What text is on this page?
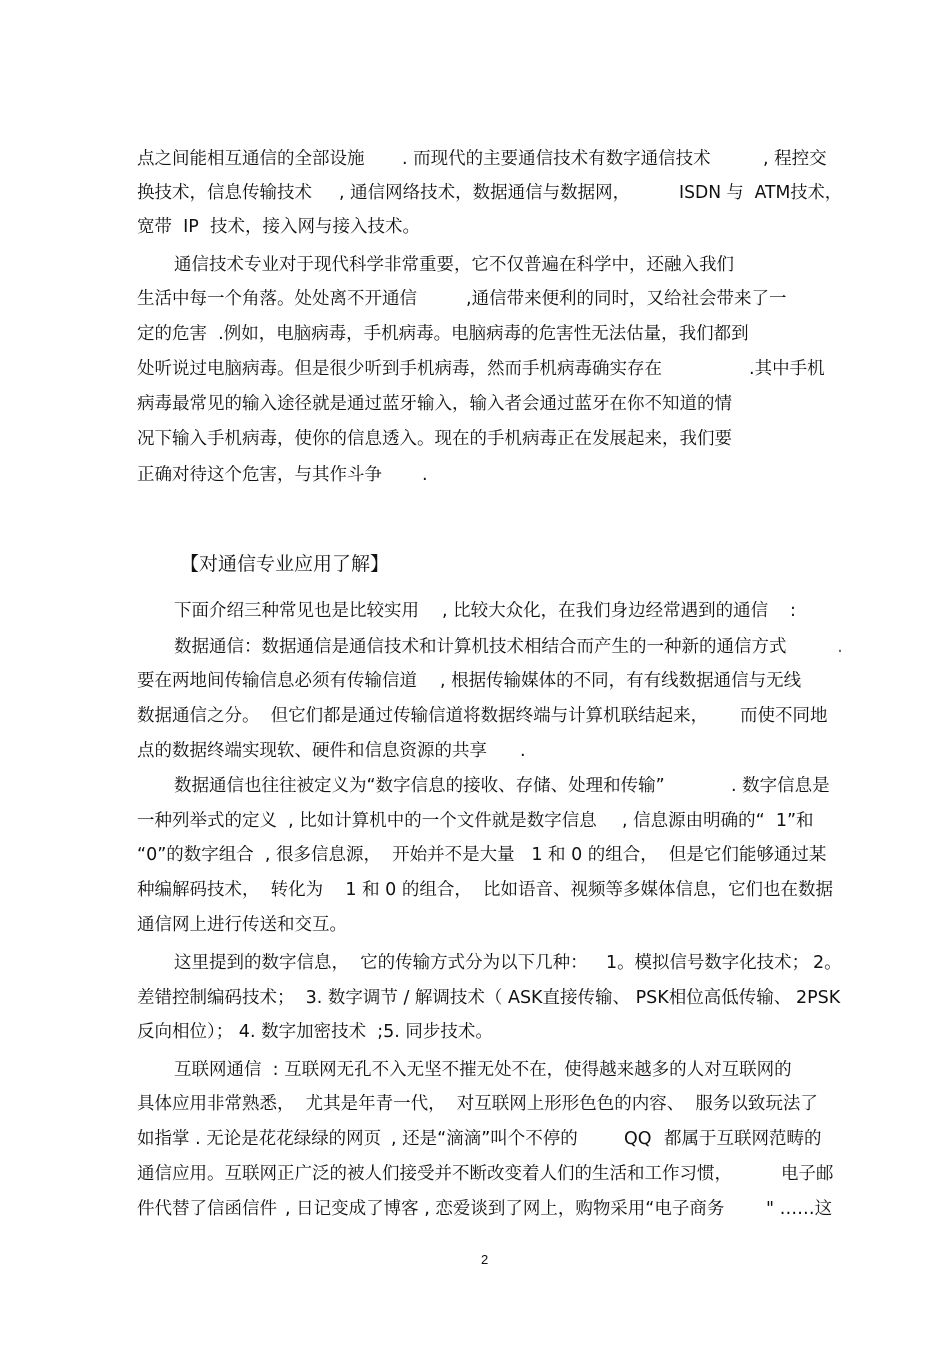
点之间能相互通信的全部设施 . 而现代的主要通信技术有数字通信技术	, 程控交
换技术，信息传输技术 , 通信网络技术，数据通信与数据网，	ISDN 与  ATM技术，
宽带  IP  技术，接入网与接入技术。
通信技术专业对于现代科学非常重要，它不仅普遍在科学中，还融入我们
生活中每一个角落。处处离不开通信	,通信带来便利的同时，又给社会带来了一
定的危害  .例如，电脑病毒，手机病毒。电脑病毒的危害性无法估量，我们都到
处听说过电脑病毒。但是很少听到手机病毒，然而手机病毒确实存在	.其中手机
病毒最常见的输入途径就是通过蓝牙输入，输入者会通过蓝牙在你不知道的情
况下输入手机病毒，使你的信息透入。现在的手机病毒正在发展起来，我们要
正确对待这个危害，与其作斗争 .
【对通信专业应用了解】
下面介绍三种常见也是比较实用 , 比较大众化，在我们身边经常遇到的通信 :
数据通信：数据通信是通信技术和计算机技术相结合而产生的一种新的通信方式	.
要在两地间传输信息必须有传输信道 , 根据传输媒体的不同，有有线数据通信与无线
数据通信之分。  但它们都是通过传输信道将数据终端与计算机联结起来， 而使不同地
点的数据终端实现软、硬件和信息资源的共享 .
数据通信也往往被定义为“数字信息的接收、存储、处理和传输”	. 数字信息是
一种列举式的定义  , 比如计算机中的一个文件就是数字信息 , 信息源由明确的“  1”和
“0”的数字组合  , 很多信息源，  开始并不是大量   1 和 0 的组合，  但是它们能够通过某
种编解码技术，  转化为    1 和 0 的组合，  比如语音、视频等多媒体信息，它们也在数据
通信网上进行传送和交互。
这里提到的数字信息，  它的传输方式分为以下几种： 1。模拟信号数字化技术； 2。
差错控制编码技术；  3. 数字调节 / 解调技术（ ASK直接传输、 PSK相位高低传输、 2PSK
反向相位）； 4. 数字加密技术  ;5. 同步技术。
互联网通信  : 互联网无孔不入无坚不摧无处不在，使得越来越多的人对互联网的
具体应用非常熟悉，  尤其是年青一代，  对互联网上形形色色的内容、  服务以致玩法了
如指掌 . 无论是花花绿绿的网页 , 还是“滴滴”叫个不停的	QQ 都属于互联网范畴的
通信应用。互联网正广泛的被人们接受并不断改变着人们的生活和工作习惯，	电子邮
件代替了信函信件 , 日记变成了博客 , 恋爱谈到了网上，购物采用“电子商务 " ……这
2
